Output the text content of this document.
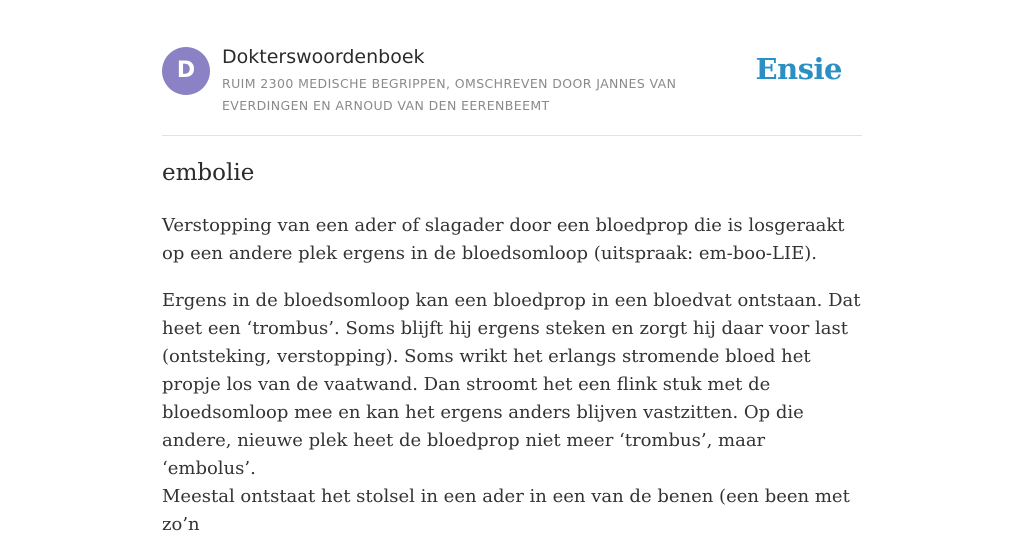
D
Dokterswoordenboek
RUIM 2300 MEDISCHE BEGRIPPEN, OMSCHREVEN DOOR JANNES VAN EVERDINGEN EN ARNOUD VAN DEN EERENBEEMT
Ensie
embolie

Verstopping van een ader of slagader door een bloedprop die is losgeraakt op een andere plek ergens in de bloedsomloop (uitspraak: em-boo-LIE).

Ergens in de bloedsomloop kan een bloedprop in een bloedvat ontstaan. Dat heet een ‘trombus’. Soms blijft hij ergens steken en zorgt hij daar voor last (ontsteking, verstopping). Soms wrikt het erlangs stromende bloed het propje los van de vaatwand. Dan stroomt het een flink stuk met de bloedsomloop mee en kan het ergens anders blijven vastzitten. Op die andere, nieuwe plek heet de bloedprop niet meer ‘trombus’, maar ‘embolus’.

Meestal ontstaat het stolsel in een ader in een van de benen (een been met zo’n
